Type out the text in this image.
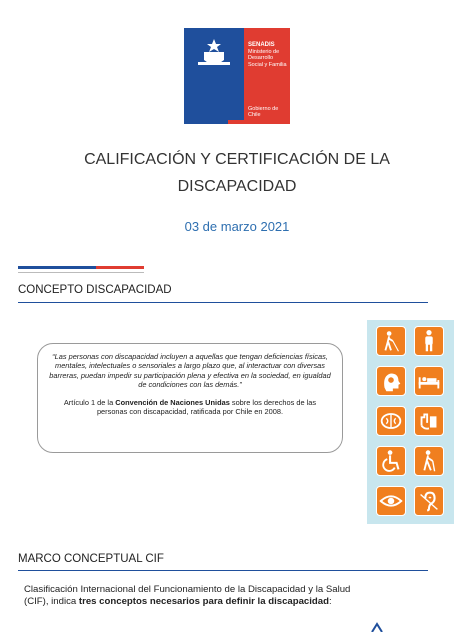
SENADIS
Ministerio de Desarrollo Social y Familia
Gobierno de Chile
CALIFICACIÓN Y CERTIFICACIÓN DE LA
DISCAPACIDAD
03 de marzo 2021
CONCEPTO DISCAPACIDAD

“Las personas con discapacidad incluyen a aquellas que tengan deficiencias físicas, mentales, intelectuales o sensoriales a largo plazo que, al interactuar con diversas barreras, puedan impedir su participación plena y efectiva en la sociedad, en igualdad de condiciones con las demás.”

Artículo 1 de la Convención de Naciones Unidas sobre los derechos de las personas con discapacidad, ratificada por Chile en 2008.

MARCO CONCEPTUAL CIF
Clasificación Internacional del Funcionamiento de la Discapacidad y la Salud (CIF), indica tres conceptos necesarios para definir la discapacidad:
